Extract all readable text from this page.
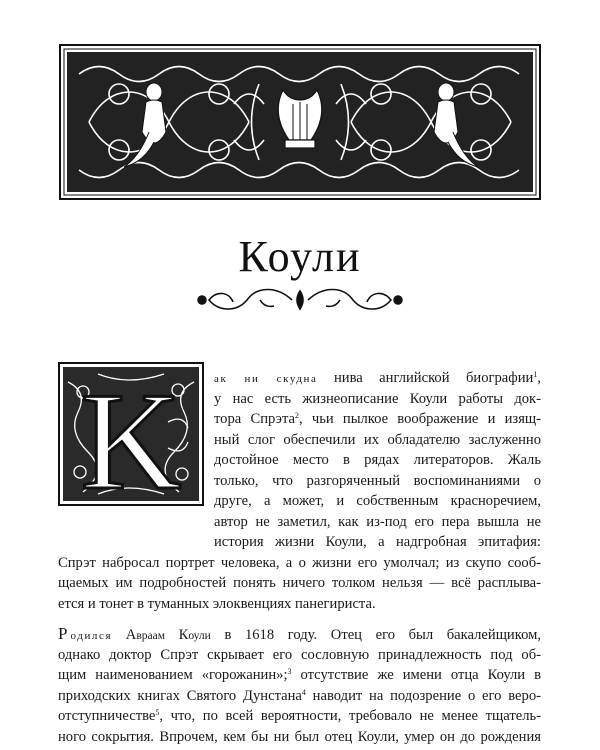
Коули
K	ак ни скудна нива английской биографии$^1$,
у нас есть жизнеописание Коули работы док-
тора Спрэта$^2$, чьи пылкое воображение и изящ-
ный слог обеспечили их обладателю заслуженно
достойное место в рядах литераторов. Жаль
только, что разгоряченный воспоминаниями о
друге, а может, и собственным красноречием,
автор не заметил, как из-под его пера вышла не
история жизни Коули, а надгробная эпитафия:
Спрэт набросал портрет человека, а о жизни его умолчал; из скупо сооб-
щаемых им подробностей понять ничего толком нельзя — всё расплыва-
ется и тонет в туманных элоквенциях панегириста.
Родился Авраам Коули в 1618 году. Отец его был бакалейщиком,
однако доктор Спрэт скрывает его сословную принадлежность под об-
щим наименованием «горожанин»;$^3$ отсутствие же имени отца Коули в
приходских книгах Святого Дунстана$^4$ наводит на подозрение о его веро-
отступничестве$^5$, что, по всей вероятности, требовало не менее тщатель-
ного сокрытия. Впрочем, кем бы ни был отец Коули, умер он до рождения
